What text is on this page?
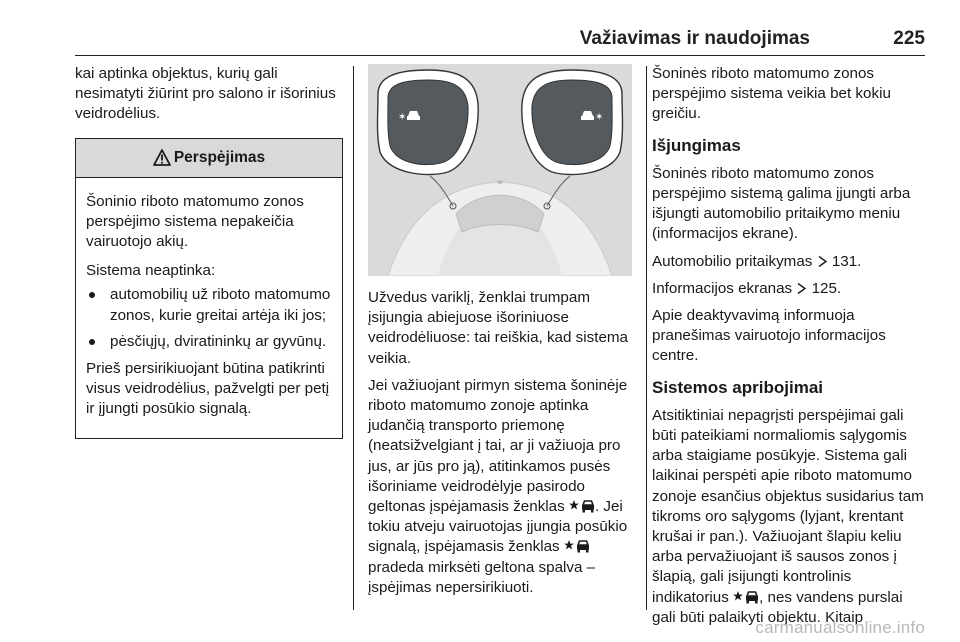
Važiavimas ir naudojimas	225

kai aptinka objektus, kurių gali nesimatyti žiūrint pro salono ir išorinius veidrodėlius.

Perspėjimas

Šoninio riboto matomumo zonos perspėjimo sistema nepakeičia vairuotojo akių.

Sistema neaptinka:

automobilių už riboto matomumo zonos, kurie greitai artėja iki jos;
pėsčiųjų, dviratininkų ar gyvūnų.

Prieš persirikiuojant būtina patikrinti visus veidrodėlius, pažvelgti per petį ir įjungti posūkio signalą.

✶	✶

Užvedus variklį, ženklai trumpam įsijungia abiejuose išoriniuose veidrodėliuose: tai reiškia, kad sistema veikia.

Jei važiuojant pirmyn sistema šoninėje riboto matomumo zonoje aptinka judančią transporto priemonę (neatsižvelgiant į tai, ar ji važiuoja pro jus, ar jūs pro ją), atitinkamos pusės išoriniame veidrodėlyje pasirodo geltonas įspėjamasis ženklas . Jei tokiu atveju vairuotojas įjungia posūkio signalą, įspėjamasis ženklas  pradeda mirksėti geltona spalva – įspėjimas nepersirikiuoti.

Šoninės riboto matomumo zonos perspėjimo sistema veikia bet kokiu greičiu.

Išjungimas

Šoninės riboto matomumo zonos perspėjimo sistemą galima įjungti arba išjungti automobilio pritaikymo meniu (informacijos ekrane).

Automobilio pritaikymas 131.

Informacijos ekranas 125.

Apie deaktyvavimą informuoja pranešimas vairuotojo informacijos centre.

Sistemos apribojimai

Atsitiktiniai nepagrįsti perspėjimai gali būti pateikiami normaliomis sąlygomis arba staigiame posūkyje. Sistema gali laikinai perspėti apie riboto matomumo zonoje esančius objektus susidarius tam tikroms oro sąlygoms (lyjant, krentant krušai ir pan.). Važiuojant šlapiu keliu arba pervažiuojant iš sausos zonos į šlapią, gali įsijungti kontrolinis indikatorius , nes vandens purslai gali būti palaikyti objektu. Kitaip

carmanualsonline.info
